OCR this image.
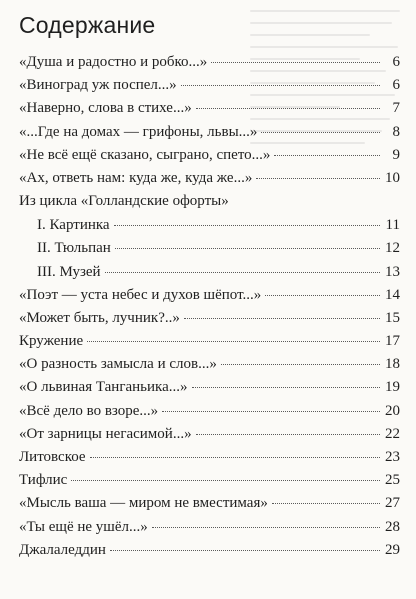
Содержание
«Душа и радостно и робко...»	6
«Виноград уж поспел...»	6
«Наверно, слова в стихе...»	7
«...Где на домах — грифоны, львы...»	8
«Не всё ещё сказано, сыграно, спето...»	9
«Ах, ответь нам: куда же, куда же...»	10
Из цикла «Голландские офорты»
I. Картинка	11
II. Тюльпан	12
III. Музей	13
«Поэт — уста небес и духов шёпот...»	14
«Может быть, лучник?..»	15
Кружение	17
«О разность замысла и слов...»	18
«О львиная Танганьика...»	19
«Всё дело во взоре...»	20
«От зарницы негасимой...»	22
Литовское	23
Тифлис	25
«Мысль ваша — миром не вместимая»	27
«Ты ещё не ушёл...»	28
Джалаледдин	29
